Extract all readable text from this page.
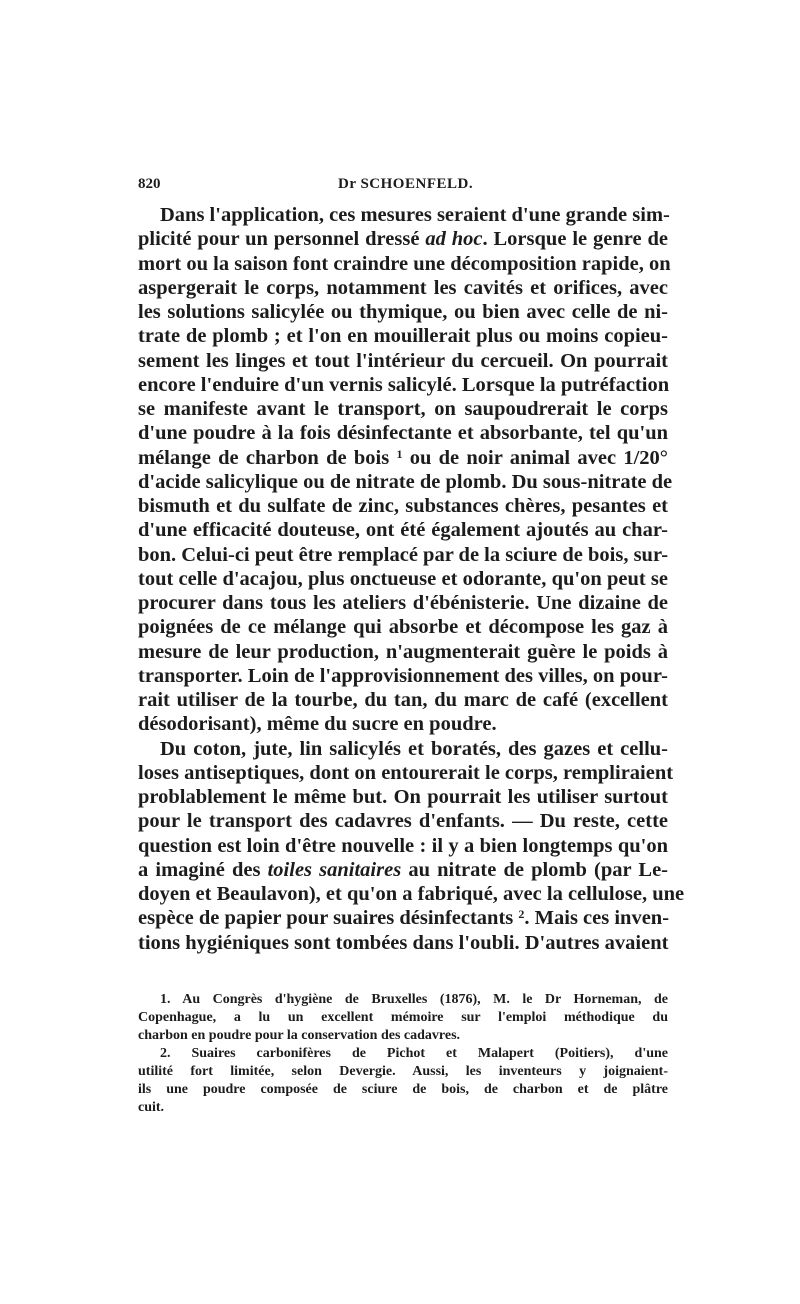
820	Dr SCHOENFELD.
Dans l'application, ces mesures seraient d'une grande sim-
plicité pour un personnel dressé ad hoc. Lorsque le genre de
mort ou la saison font craindre une décomposition rapide, on
aspergerait le corps, notamment les cavités et orifices, avec
les solutions salicylée ou thymique, ou bien avec celle de ni-
trate de plomb ; et l'on en mouillerait plus ou moins copieu-
sement les linges et tout l'intérieur du cercueil. On pourrait
encore l'enduire d'un vernis salicylé. Lorsque la putréfaction
se manifeste avant le transport, on saupoudrerait le corps
d'une poudre à la fois désinfectante et absorbante, tel qu'un
mélange de charbon de bois $^1$ ou de noir animal avec 1/20°
d'acide salicylique ou de nitrate de plomb. Du sous-nitrate de
bismuth et du sulfate de zinc, substances chères, pesantes et
d'une efficacité douteuse, ont été également ajoutés au char-
bon. Celui-ci peut être remplacé par de la sciure de bois, sur-
tout celle d'acajou, plus onctueuse et odorante, qu'on peut se
procurer dans tous les ateliers d'ébénisterie. Une dizaine de
poignées de ce mélange qui absorbe et décompose les gaz à
mesure de leur production, n'augmenterait guère le poids à
transporter. Loin de l'approvisionnement des villes, on pour-
rait utiliser de la tourbe, du tan, du marc de café (excellent
désodorisant), même du sucre en poudre.
Du coton, jute, lin salicylés et boratés, des gazes et cellu-
loses antiseptiques, dont on entourerait le corps, rempliraient
problablement le même but. On pourrait les utiliser surtout
pour le transport des cadavres d'enfants. — Du reste, cette
question est loin d'être nouvelle : il y a bien longtemps qu'on
a imaginé des toiles sanitaires au nitrate de plomb (par Le-
doyen et Beaulavon), et qu'on a fabriqué, avec la cellulose, une
espèce de papier pour suaires désinfectants $^2$. Mais ces inven-
tions hygiéniques sont tombées dans l'oubli. D'autres avaient
1. Au Congrès d'hygiène de Bruxelles (1876), M. le Dr Horneman, de
Copenhague, a lu un excellent mémoire sur l'emploi méthodique du
charbon en poudre pour la conservation des cadavres.
2. Suaires carbonifères de Pichot et Malapert (Poitiers), d'une
utilité fort limitée, selon Devergie. Aussi, les inventeurs y joignaient-
ils une poudre composée de sciure de bois, de charbon et de plâtre
cuit.
